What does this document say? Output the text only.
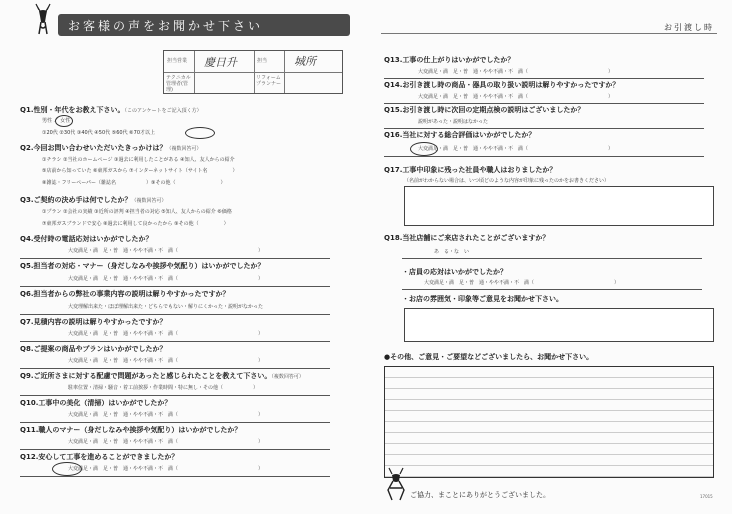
お客様の声をお聞かせ下さい
担当営業
テクニカル管理者(管理)
担当
リフォームプランナー
慶日升	城所
Q1.性別・年代をお教え下さい。（このアンケートをご記入頂く方）
男性 ／ 女性
①20代 ②30代 ③40代 ④50代 ⑤60代 ⑥70才以上
Q2.今回お問い合わせいただいたきっかけは？（複数回答可）
①チラシ ②当社のホームページ ③過去に利用したことがある ④知人、友人からの紹介
⑤店前から知っていた ⑥東邦ガスから ⑦インターネットサイト（サイト名　　　　　）
⑧雑誌・フリーペーパー（雑誌名　　　　　　）⑨その他（　　　　　　　　　）
Q3.ご契約の決め手は何でしたか？（複数回答可）
①プラン ②会社の実績 ③近所の評判 ④担当者の対応 ⑤知人、友人からの紹介 ⑥価格
⑦東邦ガスブランドで安心 ⑧過去に利用して良かったから ⑨その他（　　　　　）
Q4.受付時の電話応対はいかがでしたか？
大変満足・満　足・普　通・やや不満・不　満（　　　　　　　　　　　　　　　　）
Q5.担当者の対応・マナー（身だしなみや挨拶や気配り）はいかがでしたか？
大変満足・満　足・普　通・やや不満・不　満（　　　　　　　　　　　　　　　　）
Q6.担当者からの弊社の事業内容の説明は解りやすかったですか？
大変理解出来た・ほぼ理解出来た・どちらでもない・解りにくかった・説明がなかった
Q7.見積内容の説明は解りやすかったですか？
大変満足・満　足・普　通・やや不満・不　満（　　　　　　　　　　　　　　　　）
Q8.ご提案の商品やプランはいかがでしたか？
大変満足・満　足・普　通・やや不満・不　満（　　　　　　　　　　　　　　　　）
Q9.ご近所さまに対する配慮で問題があったと感じられたことを教えて下さい。（複数回答可）
駐車位置・清掃・騒音・着工前挨拶・作業時間・特に無し・その他（　　　　　　）
Q10.工事中の美化（清掃）はいかがでしたか？
大変満足・満　足・普　通・やや不満・不　満（　　　　　　　　　　　　　　　　）
Q11.職人のマナー（身だしなみや挨拶や気配り）はいかがでしたか？
大変満足・満　足・普　通・やや不満・不　満（　　　　　　　　　　　　　　　　）
Q12.安心して工事を進めることができましたか？
大変満足・満　足・普　通・やや不満・不　満（　　　　　　　　　　　　　　　　）
お引渡し時
Q13.工事の仕上がりはいかがでしたか？
大変満足・満　足・普　通・やや不満・不　満（　　　　　　　　　　　　　　　　）
Q14.お引き渡し時の商品・器具の取り扱い説明は解りやすかったですか？
大変満足・満　足・普　通・やや不満・不　満（　　　　　　　　　　　　　　　　）
Q15.お引き渡し時に次回の定期点検の説明はございましたか？
説明があった・説明はなかった
Q16.当社に対する総合評価はいかがでしたか？
大変満足・満　足・普　通・やや不満・不　満（　　　　　　　　　　　　　　　　）
Q17.工事中印象に残った社員や職人はおりましたか？
（名前がわからない場合は、いつ頃どのような内容が印象に残ったのかをお書きください）
Q18.当社店舗にご来店されたことがございますか？
あ　る・な　い
・店員の応対はいかがでしたか？
大変満足・満　足・普　通・やや不満・不　満（　　　　　　　　　　　　　　　　）
・お店の雰囲気・印象等ご意見をお聞かせ下さい。
●その他、ご意見・ご要望などございましたら、お聞かせ下さい。
ご協力、まことにありがとうございました。	17015
